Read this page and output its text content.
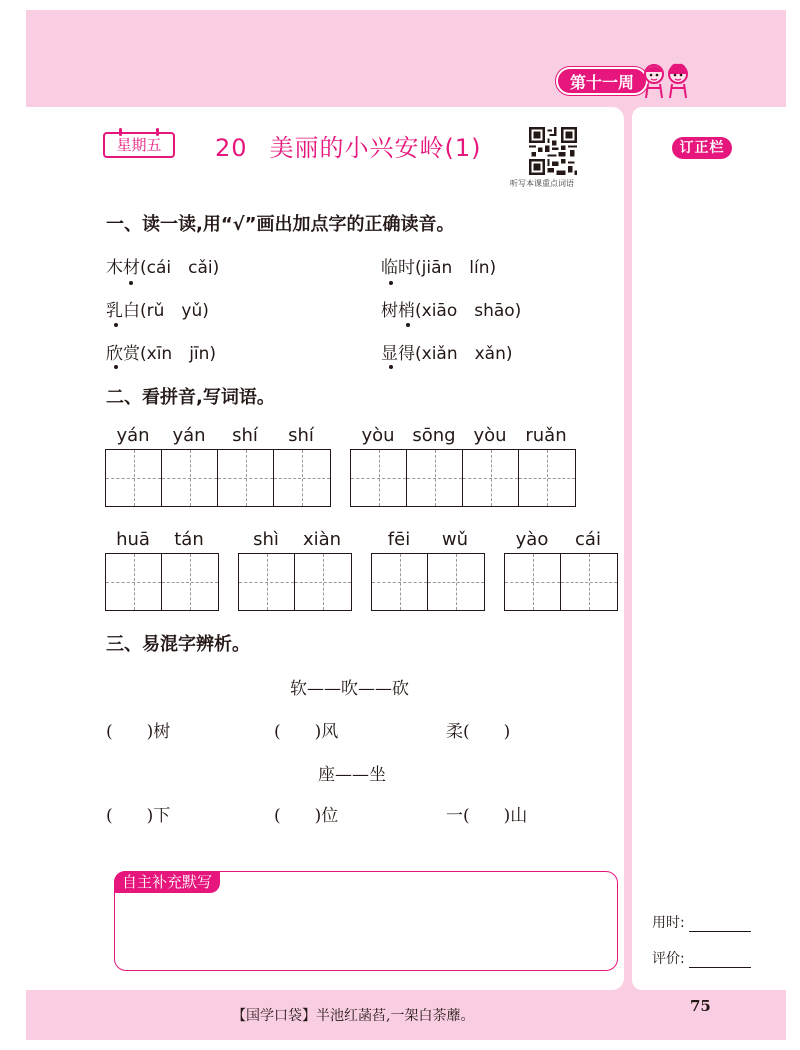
第十一周
星期五	20 美丽的小兴安岭(1)
听写本课重点词语
订正栏
一、读一读,用“√”画出加点字的正确读音。
木材(cái　cǎi)	临时(jiān　lín)
乳白(rǔ　yǔ)	树梢(xiāo　shāo)
欣赏(xīn　jīn)	显得(xiǎn　xǎn)
二、看拼音,写词语。
yán	yán	shí	shí	yòu sōng yòu	ruǎn
huā	tán	shì	xiàn	fēi	wǔ	yào	cái
三、易混字辨析。
软——吹——砍
(　　)树	(　　)风	柔(　　)
座——坐
(　　)下	(　　)位	一(　　)山
自主补充默写
用时:
评价:
【国学口袋】半池红菡萏,一架白荼蘼。
75
